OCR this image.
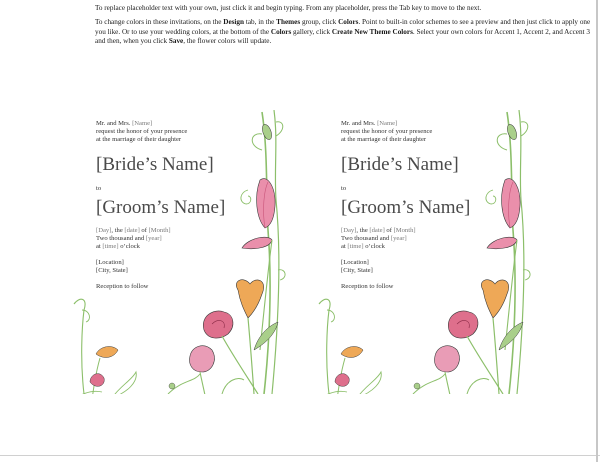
To replace placeholder text with your own, just click it and begin typing. From any placeholder, press the Tab key to move to the next.

To change colors in these invitations, on the Design tab, in the Themes group, click Colors. Point to built-in color schemes to see a preview and then just click to apply one you like. Or to use your wedding colors, at the bottom of the Colors gallery, click Create New Theme Colors. Select your own colors for Accent 1, Accent 2, and Accent 3 and then, when you click Save, the flower colors will update.

Mr. and Mrs. [Name]
request the honor of your presence
at the marriage of their daughter
[Bride’s Name]
to
[Groom’s Name]
[Day], the [date] of [Month]
Two thousand and [year]
at [time] o’clock
[Location]
[City, State]
Reception to follow
Mr. and Mrs. [Name]
request the honor of your presence
at the marriage of their daughter
[Bride’s Name]
to
[Groom’s Name]
[Day], the [date] of [Month]
Two thousand and [year]
at [time] o’clock
[Location]
[City, State]
Reception to follow
